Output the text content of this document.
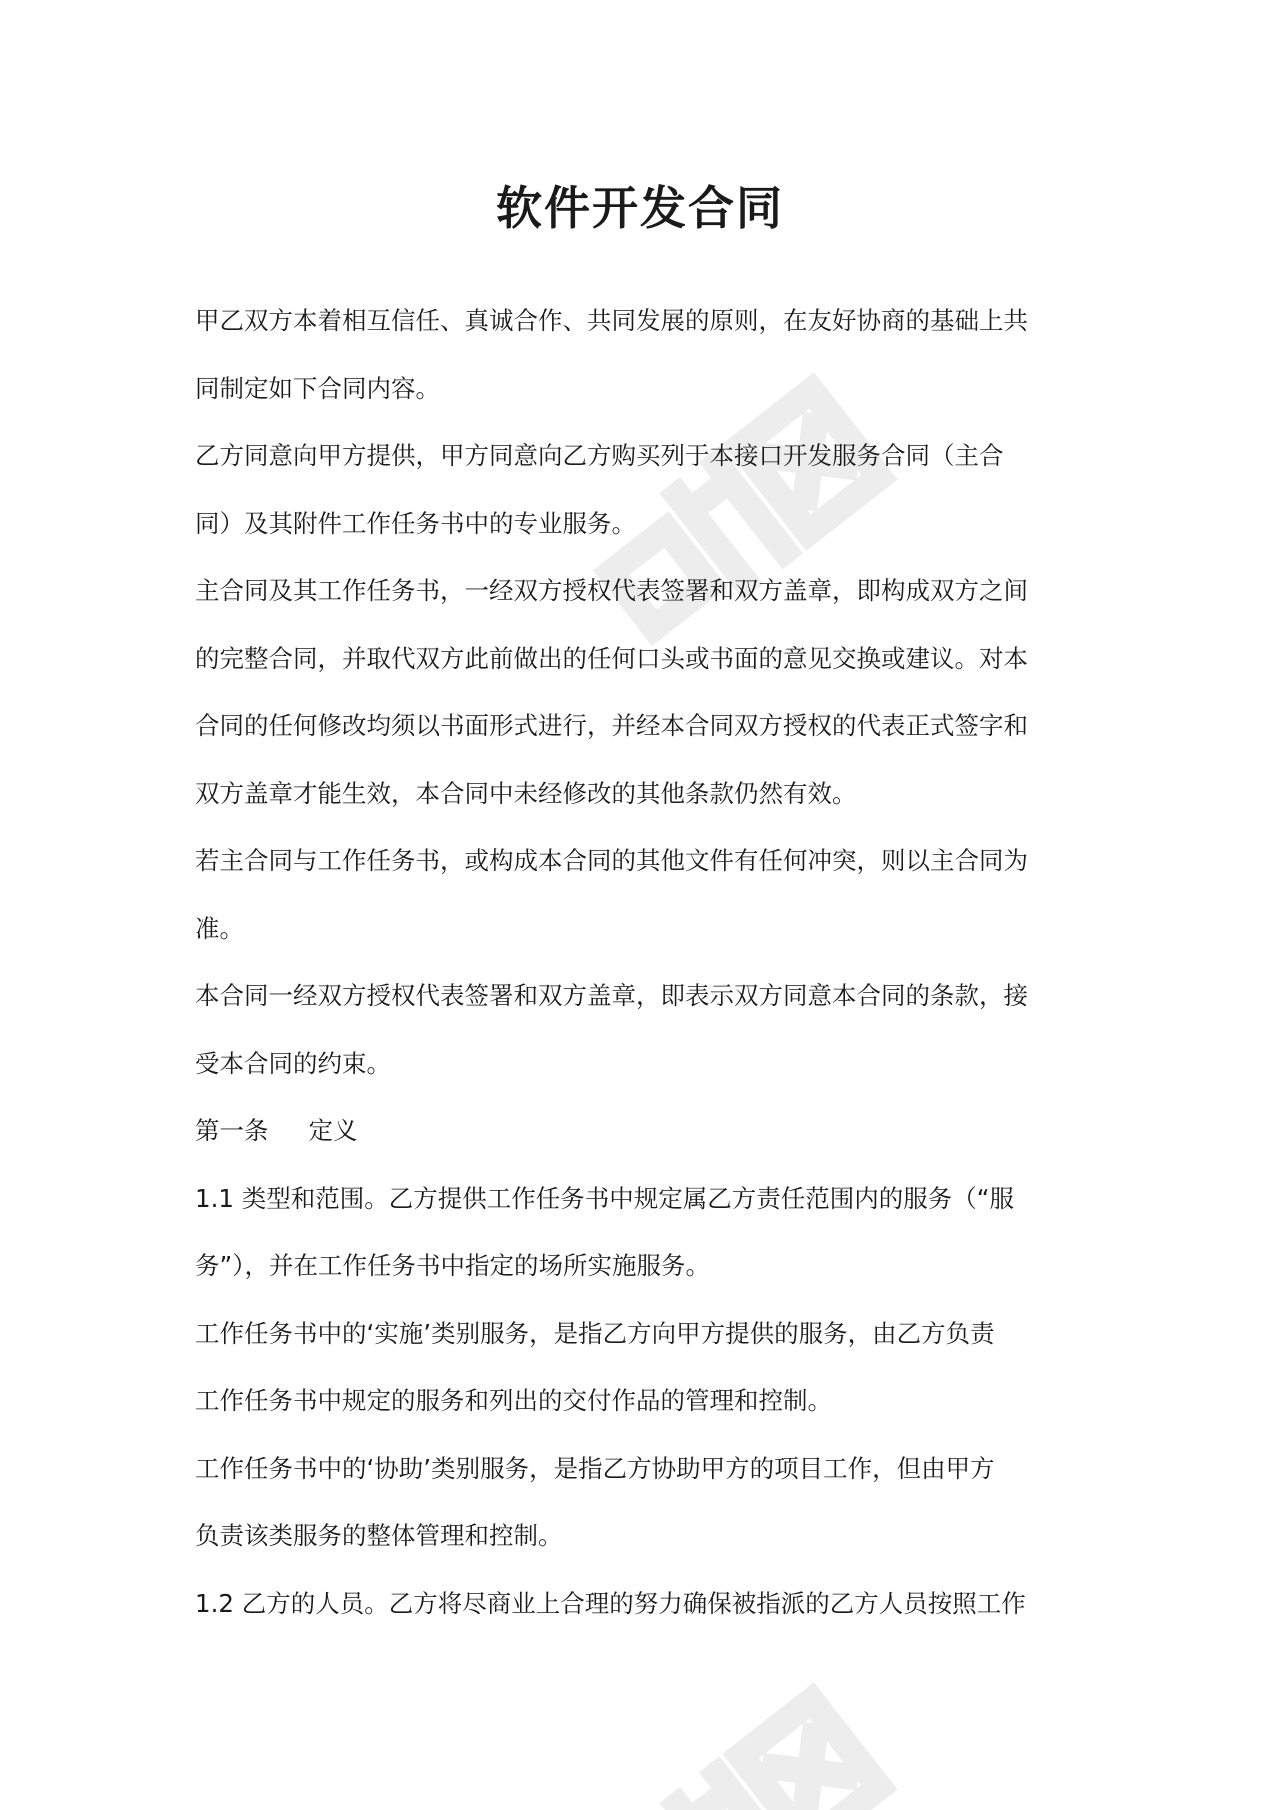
软件开发合同
甲乙双方本着相互信任、真诚合作、共同发展的原则，在友好协商的基础上共
同制定如下合同内容。
乙方同意向甲方提供，甲方同意向乙方购买列于本接口开发服务合同（主合
同）及其附件工作任务书中的专业服务。
主合同及其工作任务书，一经双方授权代表签署和双方盖章，即构成双方之间
的完整合同，并取代双方此前做出的任何口头或书面的意见交换或建议。对本
合同的任何修改均须以书面形式进行，并经本合同双方授权的代表正式签字和
双方盖章才能生效，本合同中未经修改的其他条款仍然有效。
若主合同与工作任务书，或构成本合同的其他文件有任何冲突，则以主合同为
准。
本合同一经双方授权代表签署和双方盖章，即表示双方同意本合同的条款，接
受本合同的约束。
第一条 定义
1.1 类型和范围。乙方提供工作任务书中规定属乙方责任范围内的服务（“服
务”），并在工作任务书中指定的场所实施服务。
工作任务书中的‘实施’类别服务，是指乙方向甲方提供的服务，由乙方负责
工作任务书中规定的服务和列出的交付作品的管理和控制。
工作任务书中的‘协助’类别服务，是指乙方协助甲方的项目工作，但由甲方
负责该类服务的整体管理和控制。
1.2 乙方的人员。乙方将尽商业上合理的努力确保被指派的乙方人员按照工作
